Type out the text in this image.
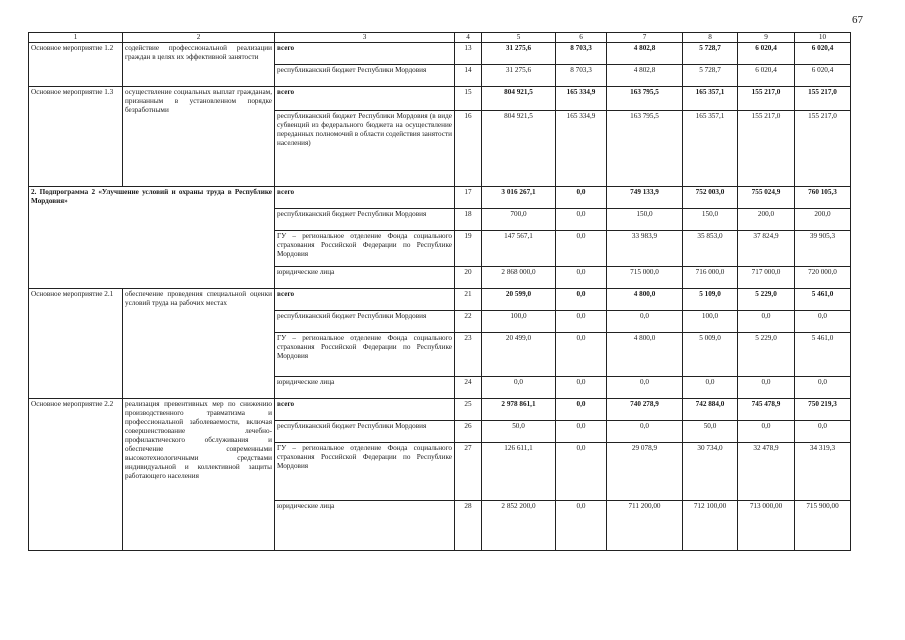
67
1	2	3	4	5	6	7	8	9	10
Основное мероприятие 1.2	содействие профессиональной реализации граждан в целях их эффективной занятости	всего	13	31 275,6	8 703,3	4 802,8	5 728,7	6 020,4	6 020,4
		республиканский бюджет Республики Мордовия	14	31 275,6	8 703,3	4 802,8	5 728,7	6 020,4	6 020,4
Основное мероприятие 1.3	осуществление социальных выплат гражданам, признанным в установленном порядке безработными	всего	15	804 921,5	165 334,9	163 795,5	165 357,1	155 217,0	155 217,0
		республиканский бюджет Республики Мордовия (в виде субвенций из федерального бюджета на осуществление переданных полномочий в области содействия занятости населения)	16	804 921,5	165 334,9	163 795,5	165 357,1	155 217,0	155 217,0
2. Подпрограмма 2 «Улучшение условий и охраны труда в Республике Мордовия»		всего	17	3 016 267,1	0,0	749 133,9	752 003,0	755 024,9	760 105,3
		республиканский бюджет Республики Мордовия	18	700,0	0,0	150,0	150,0	200,0	200,0
		ГУ – региональное отделение Фонда социального страхования Российской Федерации по Республике Мордовия	19	147 567,1	0,0	33 983,9	35 853,0	37 824,9	39 905,3
		юридические лица	20	2 868 000,0	0,0	715 000,0	716 000,0	717 000,0	720 000,0
Основное мероприятие 2.1	обеспечение проведения специальной оценки условий труда на рабочих местах	всего	21	20 599,0	0,0	4 800,0	5 109,0	5 229,0	5 461,0
		республиканский бюджет Республики Мордовия	22	100,0	0,0	0,0	100,0	0,0	0,0
		ГУ – региональное отделение Фонда социального страхования Российской Федерации по Республике Мордовия	23	20 499,0	0,0	4 800,0	5 009,0	5 229,0	5 461,0
		юридические лица	24	0,0	0,0	0,0	0,0	0,0	0,0
Основное мероприятие 2.2	реализация превентивных мер по снижению производственного травматизма и профессиональной заболеваемости, включая совершенствование лечебно-профилактического обслуживания и обеспечение современными высокотехнологичными средствами индивидуальной и коллективной защиты работающего населения	всего	25	2 978 861,1	0,0	740 278,9	742 884,0	745 478,9	750 219,3
		республиканский бюджет Республики Мордовия	26	50,0	0,0	0,0	50,0	0,0	0,0
		ГУ – региональное отделение Фонда социального страхования Российской Федерации по Республике Мордовия	27	126 611,1	0,0	29 078,9	30 734,0	32 478,9	34 319,3
		юридические лица	28	2 852 200,0	0,0	711 200,00	712 100,00	713 000,00	715 900,00
